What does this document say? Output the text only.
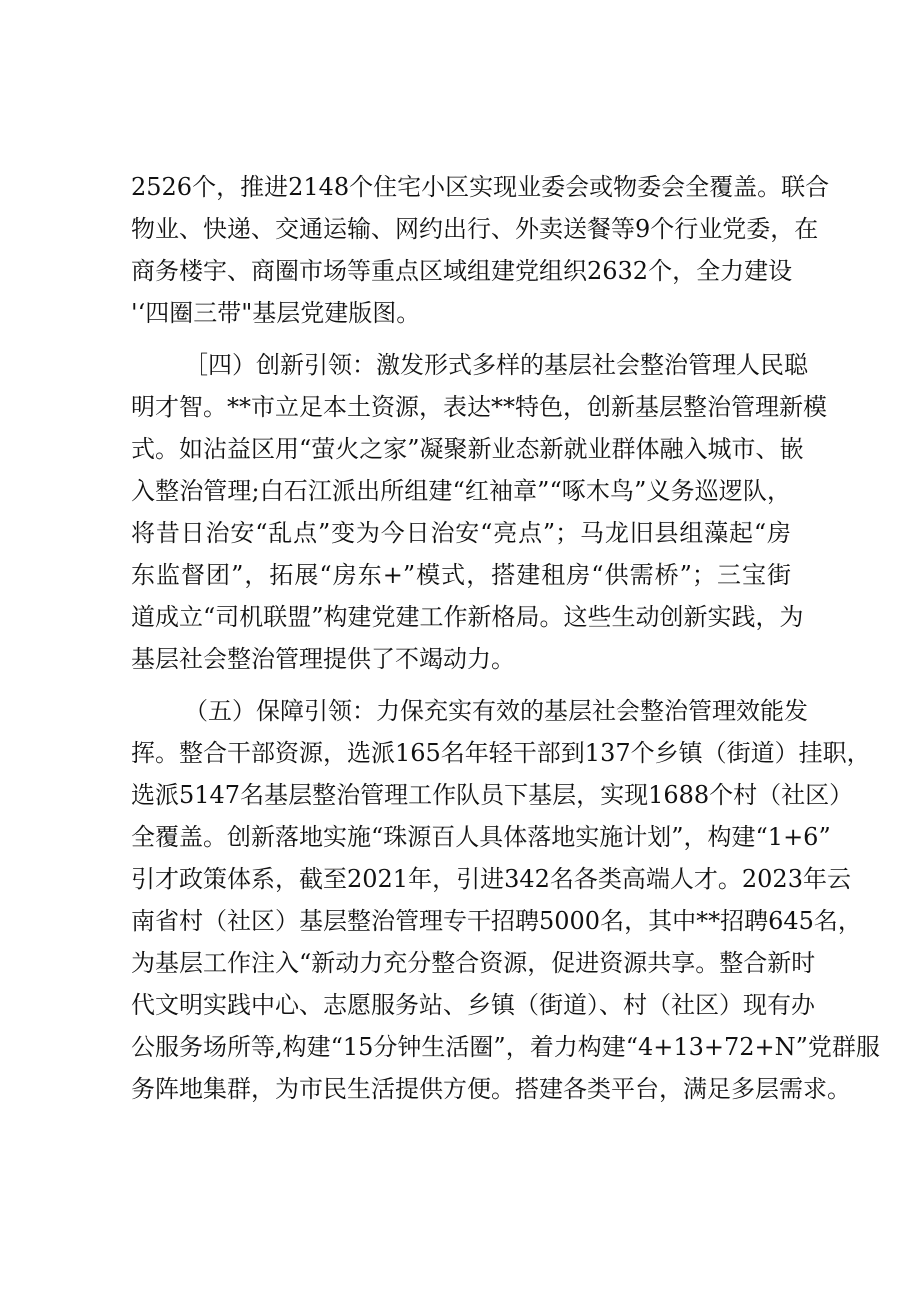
2526个，推进2148个住宅小区实现业委会或物委会全覆盖。联合
物业、快递、交通运输、网约出行、外卖送餐等9个行业党委，在
商务楼宇、商圈市场等重点区域组建党组织2632个，全力建设
'‘四圈三带"基层党建版图。
［四）创新引领：激发形式多样的基层社会整治管理人民聪
明才智。**市立足本土资源，表达**特色，创新基层整治管理新模
式。如沾益区用“萤火之家”凝聚新业态新就业群体融入城市、嵌
入整治管理;白石江派出所组建“红袖章”“啄木鸟”义务巡逻队，
将昔日治安“乱点”变为今日治安“亮点”；马龙旧县组藻起“房
东监督团”，拓展“房东+”模式，搭建租房“供需桥”；三宝街
道成立“司机联盟”构建党建工作新格局。这些生动创新实践，为
基层社会整治管理提供了不竭动力。
（五）保障引领：力保充实有效的基层社会整治管理效能发
挥。整合干部资源，选派165名年轻干部到137个乡镇（街道）挂职，
选派5147名基层整治管理工作队员下基层，实现1688个村（社区）
全覆盖。创新落地实施“珠源百人具体落地实施计划”，构建“1+6”
引才政策体系，截至2021年，引进342名各类高端人才。2023年云
南省村（社区）基层整治管理专干招聘5000名，其中**招聘645名，
为基层工作注入“新动力充分整合资源，促进资源共享。整合新时
代文明实践中心、志愿服务站、乡镇（街道）、村（社区）现有办
公服务场所等,构建“15分钟生活圈”，着力构建“4+13+72+N”党群服
务阵地集群，为市民生活提供方便。搭建各类平台，满足多层需求。
